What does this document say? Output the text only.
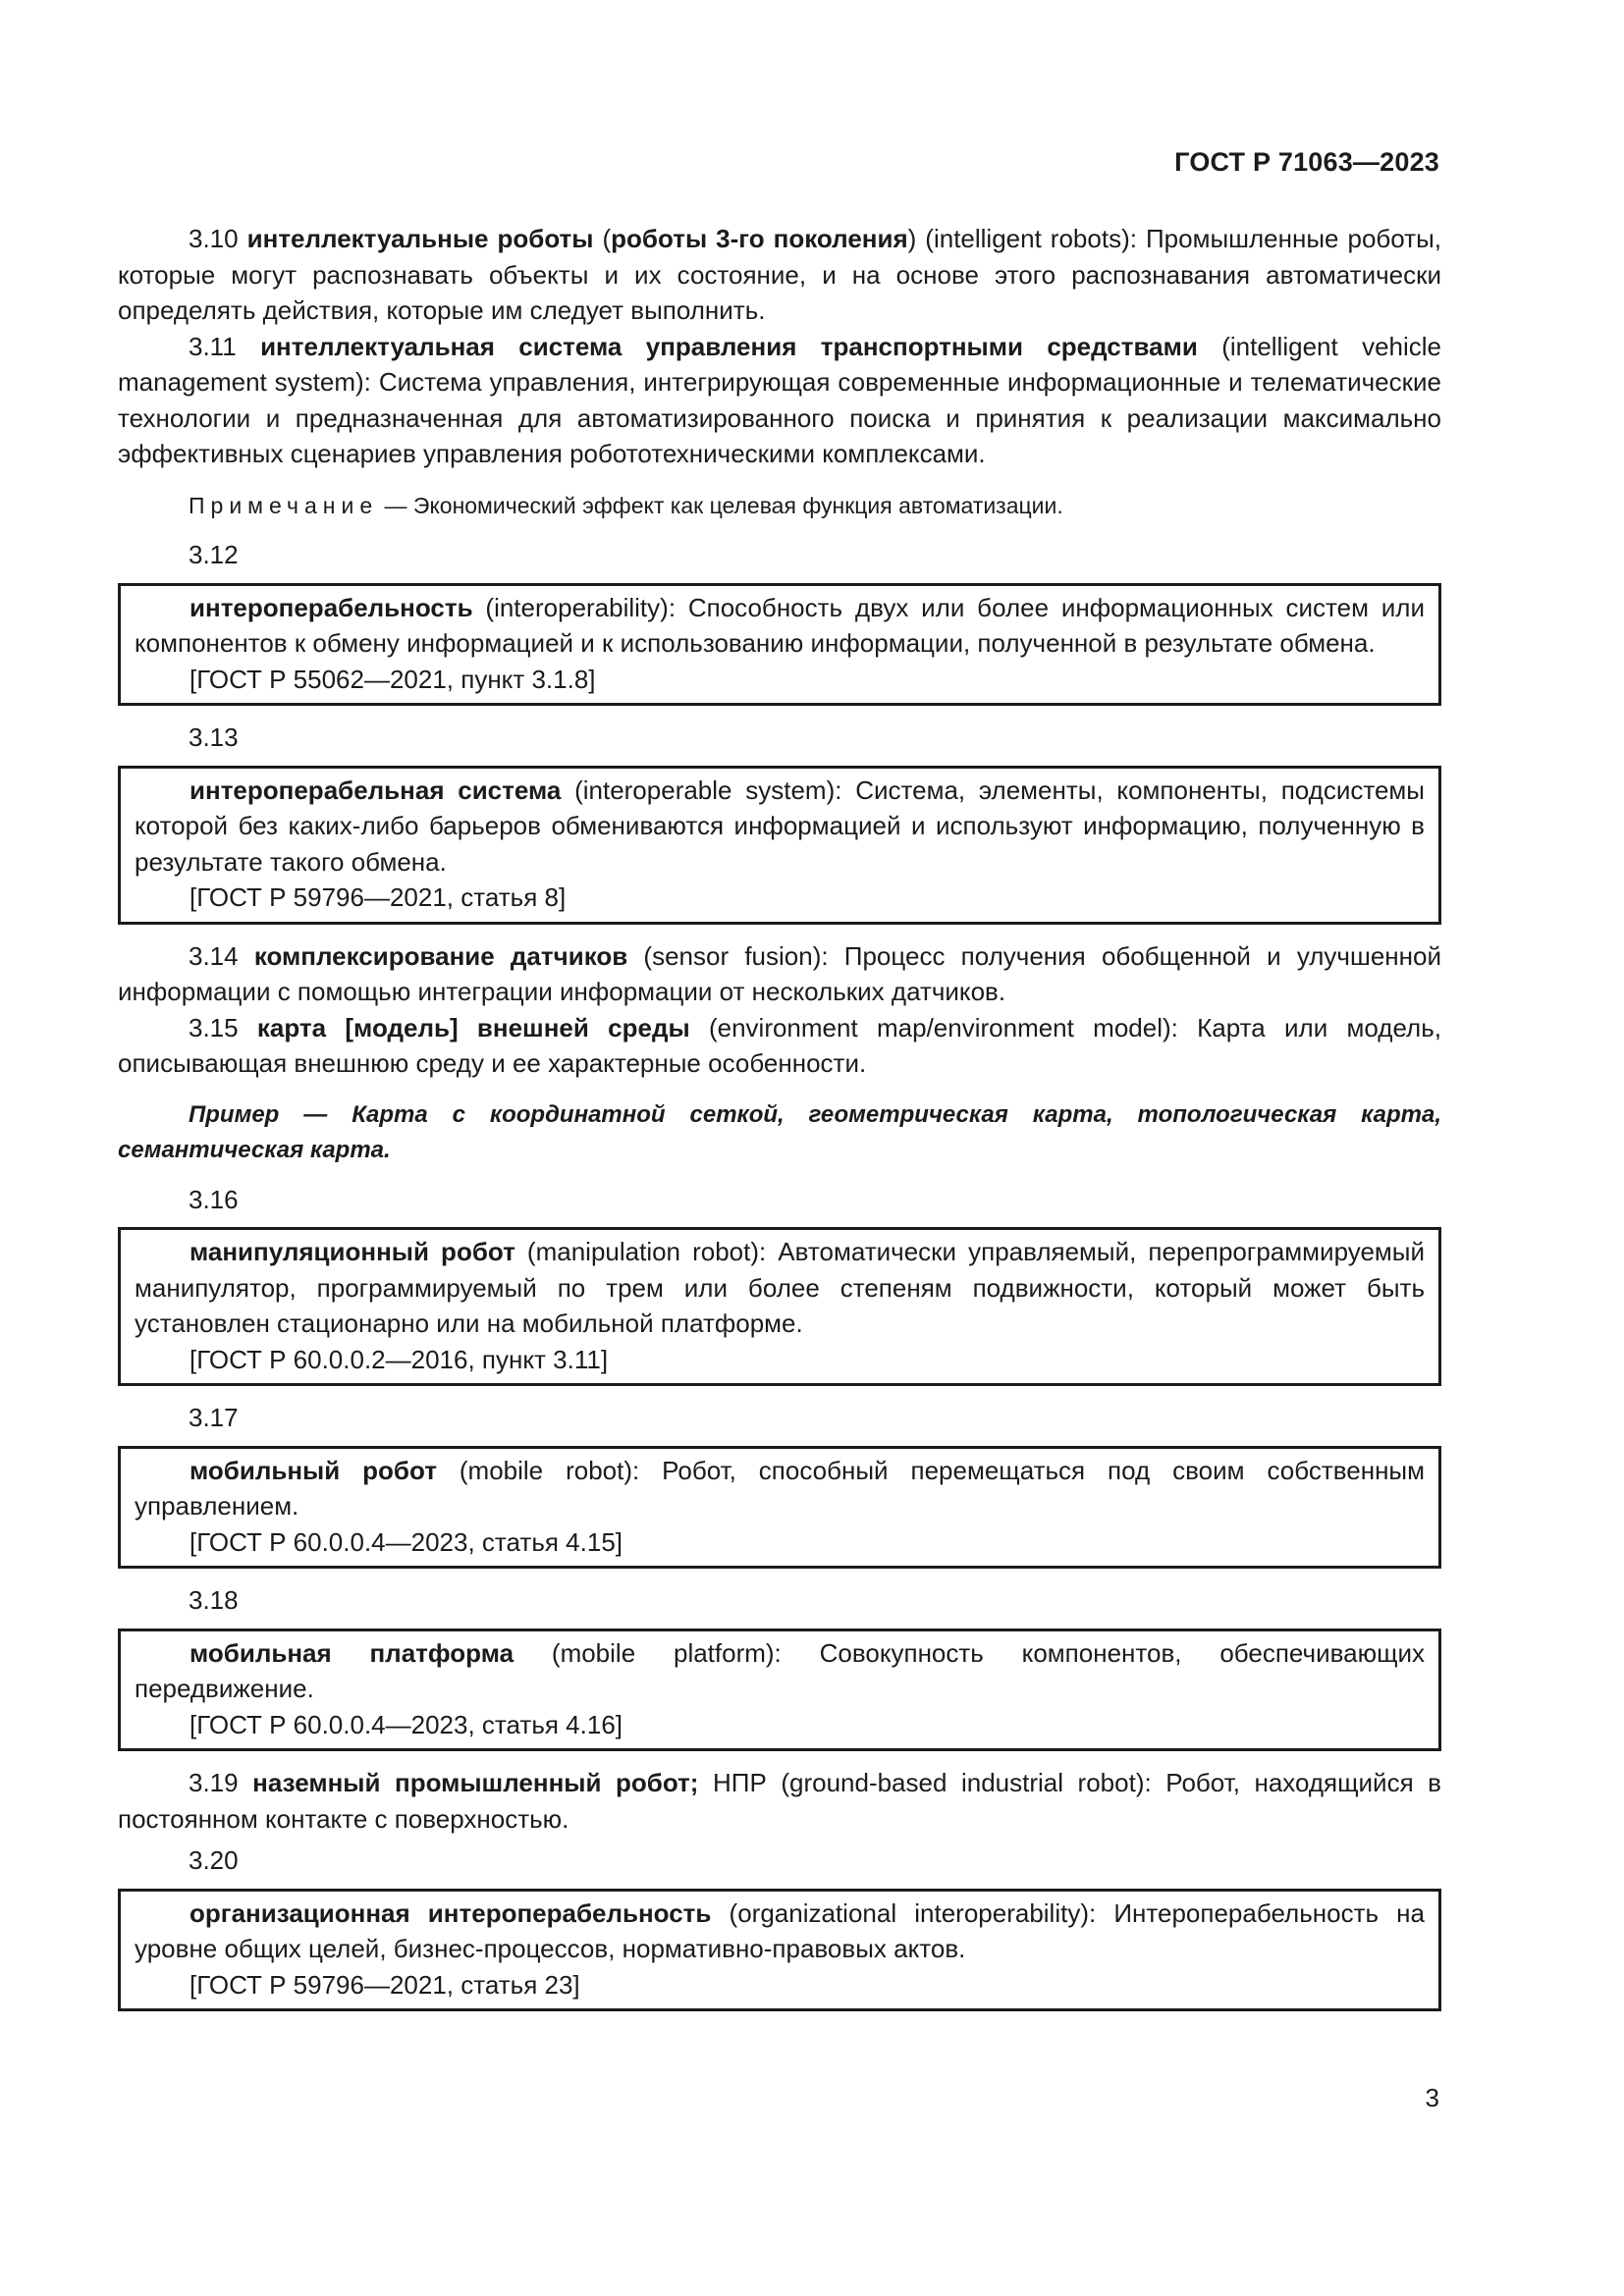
ГОСТ Р 71063—2023

3.10 интеллектуальные роботы (роботы 3-го поколения) (intelligent robots): Промышленные роботы, которые могут распознавать объекты и их состояние, и на основе этого распознавания автоматически определять действия, которые им следует выполнить.

3.11 интеллектуальная система управления транспортными средствами (intelligent vehicle management system): Система управления, интегрирующая современные информационные и телематические технологии и предназначенная для автоматизированного поиска и принятия к реализации максимально эффективных сценариев управления робототехническими комплексами.

Примечание — Экономический эффект как целевая функция автоматизации.

3.12

интероперабельность (interoperability): Способность двух или более информационных систем или компонентов к обмену информацией и к использованию информации, полученной в результате обмена.

[ГОСТ Р 55062—2021, пункт 3.1.8]

3.13

интероперабельная система (interoperable system): Система, элементы, компоненты, подсистемы которой без каких-либо барьеров обмениваются информацией и используют информацию, полученную в результате такого обмена.

[ГОСТ Р 59796—2021, статья 8]

3.14 комплексирование датчиков (sensor fusion): Процесс получения обобщенной и улучшенной информации с помощью интеграции информации от нескольких датчиков.

3.15 карта [модель] внешней среды (environment map/environment model): Карта или модель, описывающая внешнюю среду и ее характерные особенности.

Пример — Карта с координатной сеткой, геометрическая карта, топологическая карта, семантическая карта.

3.16

манипуляционный робот (manipulation robot): Автоматически управляемый, перепрограммируемый манипулятор, программируемый по трем или более степеням подвижности, который может быть установлен стационарно или на мобильной платформе.

[ГОСТ Р 60.0.0.2—2016, пункт 3.11]

3.17

мобильный робот (mobile robot): Робот, способный перемещаться под своим собственным управлением.

[ГОСТ Р 60.0.0.4—2023, статья 4.15]

3.18

мобильная платформа (mobile platform): Совокупность компонентов, обеспечивающих передвижение.

[ГОСТ Р 60.0.0.4—2023, статья 4.16]

3.19 наземный промышленный робот; НПР (ground-based industrial robot): Робот, находящийся в постоянном контакте с поверхностью.

3.20

организационная интероперабельность (organizational interoperability): Интероперабельность на уровне общих целей, бизнес-процессов, нормативно-правовых актов.

[ГОСТ Р 59796—2021, статья 23]

3
